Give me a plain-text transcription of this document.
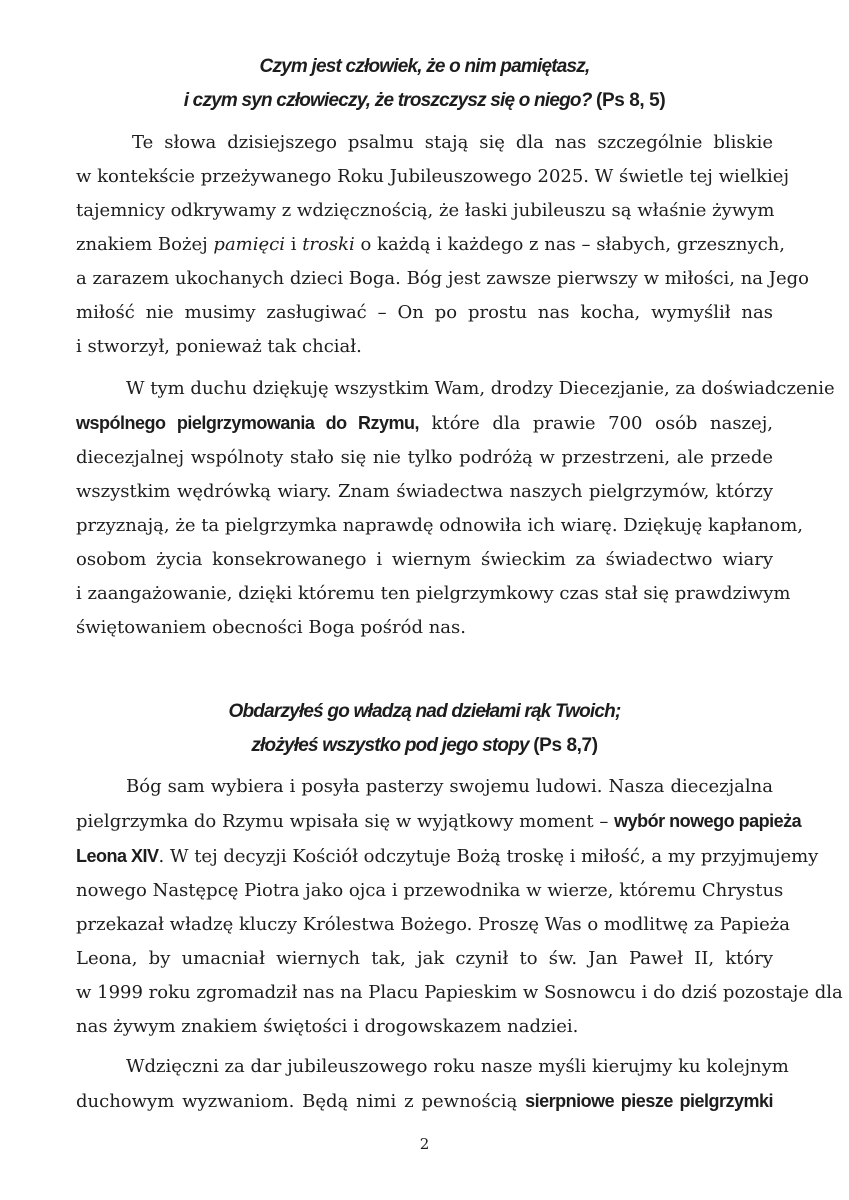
Czym jest człowiek, że o nim pamiętasz,
i czym syn człowieczy, że troszczysz się o niego? (Ps 8, 5)
Te słowa dzisiejszego psalmu stają się dla nas szczególnie bliskie
w kontekście przeżywanego Roku Jubileuszowego 2025. W świetle tej wielkiej
tajemnicy odkrywamy z wdzięcznością, że łaski jubileuszu są właśnie żywym
znakiem Bożej pamięci i troski o każdą i każdego z nas – słabych, grzesznych,
a zarazem ukochanych dzieci Boga. Bóg jest zawsze pierwszy w miłości, na Jego
miłość nie musimy zasługiwać – On po prostu nas kocha, wymyślił nas
i stworzył, ponieważ tak chciał.
W tym duchu dziękuję wszystkim Wam, drodzy Diecezjanie, za doświadczenie
wspólnego pielgrzymowania do Rzymu, które dla prawie 700 osób naszej,
diecezjalnej wspólnoty stało się nie tylko podróżą w przestrzeni, ale przede
wszystkim wędrówką wiary. Znam świadectwa naszych pielgrzymów, którzy
przyznają, że ta pielgrzymka naprawdę odnowiła ich wiarę. Dziękuję kapłanom,
osobom życia konsekrowanego i wiernym świeckim za świadectwo wiary
i zaangażowanie, dzięki któremu ten pielgrzymkowy czas stał się prawdziwym
świętowaniem obecności Boga pośród nas.
Obdarzyłeś go władzą nad dziełami rąk Twoich;
złożyłeś wszystko pod jego stopy (Ps 8,7)
Bóg sam wybiera i posyła pasterzy swojemu ludowi. Nasza diecezjalna
pielgrzymka do Rzymu wpisała się w wyjątkowy moment – wybór nowego papieża
Leona XIV. W tej decyzji Kościół odczytuje Bożą troskę i miłość, a my przyjmujemy
nowego Następcę Piotra jako ojca i przewodnika w wierze, któremu Chrystus
przekazał władzę kluczy Królestwa Bożego. Proszę Was o modlitwę za Papieża
Leona, by umacniał wiernych tak, jak czynił to św. Jan Paweł II, który
w 1999 roku zgromadził nas na Placu Papieskim w Sosnowcu i do dziś pozostaje dla
nas żywym znakiem świętości i drogowskazem nadziei.
Wdzięczni za dar jubileuszowego roku nasze myśli kierujmy ku kolejnym
duchowym wyzwaniom. Będą nimi z pewnością sierpniowe piesze pielgrzymki
2
